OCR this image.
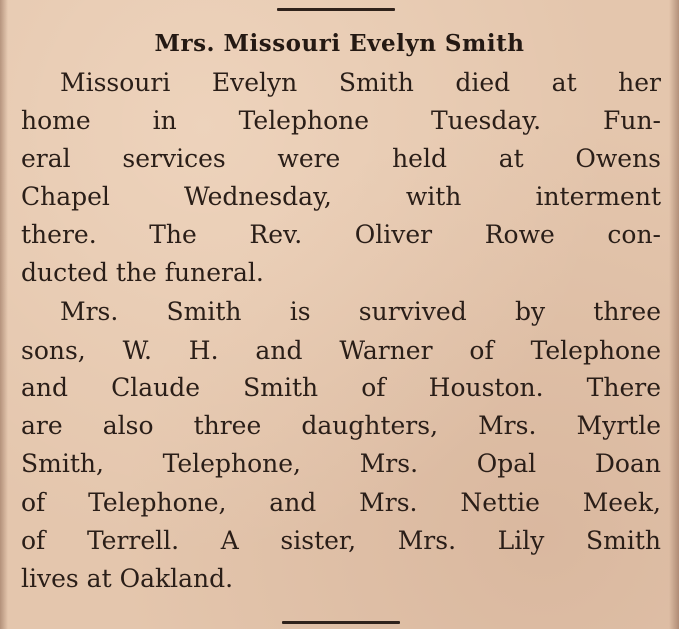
Mrs. Missouri Evelyn Smith
Missouri Evelyn Smith died at her
home in Telephone Tuesday. Fun-
eral services were held at Owens
Chapel Wednesday, with interment
there. The Rev. Oliver Rowe con-
ducted the funeral.
Mrs. Smith is survived by three
sons, W. H. and Warner of Telephone
and Claude Smith of Houston. There
are also three daughters, Mrs. Myrtle
Smith, Telephone, Mrs. Opal Doan
of Telephone, and Mrs. Nettie Meek,
of Terrell. A sister, Mrs. Lily Smith
lives at Oakland.
